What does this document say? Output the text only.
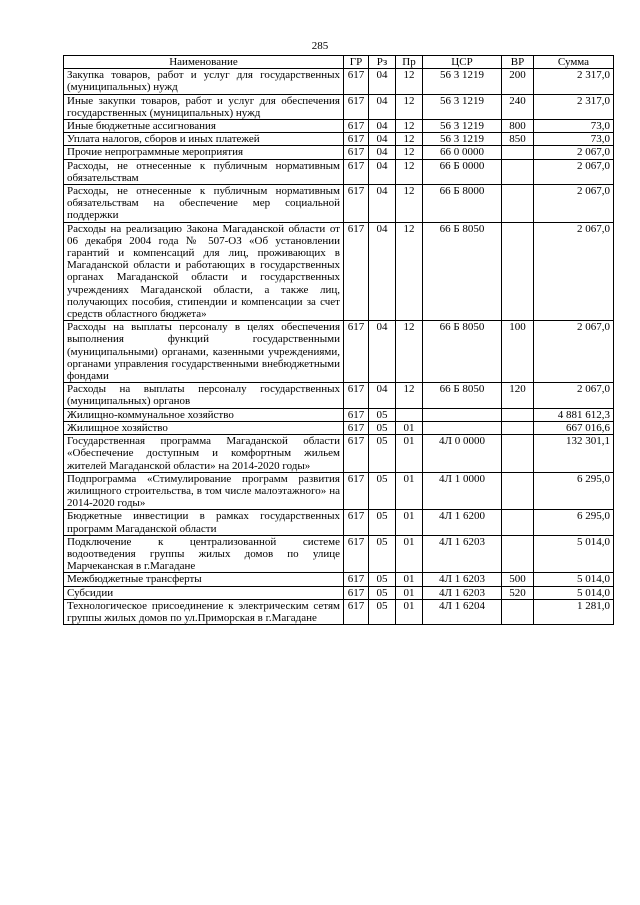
285
Наименование	ГР	Рз	Пр	ЦСР	ВР	Сумма
Закупка товаров, работ и услуг для государственных (муниципальных) нужд	617	04	12	56 3 1219	200	2 317,0
Иные закупки товаров, работ и услуг для обеспечения государственных (муниципальных) нужд	617	04	12	56 3 1219	240	2 317,0
Иные бюджетные ассигнования	617	04	12	56 3 1219	800	73,0
Уплата налогов, сборов и иных платежей	617	04	12	56 3 1219	850	73,0
Прочие непрограммные мероприятия	617	04	12	66 0 0000		2 067,0
Расходы, не отнесенные к публичным нормативным обязательствам	617	04	12	66 Б 0000		2 067,0
Расходы, не отнесенные к публичным нормативным обязательствам на обеспечение мер социальной поддержки	617	04	12	66 Б 8000		2 067,0
Расходы на реализацию Закона Магаданской области от 06 декабря 2004 года № 507-ОЗ «Об установлении гарантий и компенсаций для лиц, проживающих в Магаданской области и работающих в государственных органах Магаданской области и государственных учреждениях Магаданской области, а также лиц, получающих пособия, стипендии и компенсации за счет средств областного бюджета»	617	04	12	66 Б 8050		2 067,0
Расходы на выплаты персоналу в целях обеспечения выполнения функций государственными (муниципальными) органами, казенными учреждениями, органами управления государственными внебюджетными фондами	617	04	12	66 Б 8050	100	2 067,0
Расходы на выплаты персоналу государственных (муниципальных) органов	617	04	12	66 Б 8050	120	2 067,0
Жилищно-коммунальное хозяйство	617	05				4 881 612,3
Жилищное хозяйство	617	05	01			667 016,6
Государственная программа Магаданской области «Обеспечение доступным и комфортным жильем жителей Магаданской области» на 2014-2020 годы»	617	05	01	4Л 0 0000		132 301,1
Подпрограмма «Стимулирование программ развития жилищного строительства, в том числе малоэтажного» на 2014-2020 годы»	617	05	01	4Л 1 0000		6 295,0
Бюджетные инвестиции в рамках государственных программ Магаданской области	617	05	01	4Л 1 6200		6 295,0
Подключение к централизованной системе водоотведения группы жилых домов по улице Марчеканская в г.Магадане	617	05	01	4Л 1 6203		5 014,0
Межбюджетные трансферты	617	05	01	4Л 1 6203	500	5 014,0
Субсидии	617	05	01	4Л 1 6203	520	5 014,0
Технологическое присоединение к электрическим сетям группы жилых домов по ул.Приморская в г.Магадане	617	05	01	4Л 1 6204		1 281,0
